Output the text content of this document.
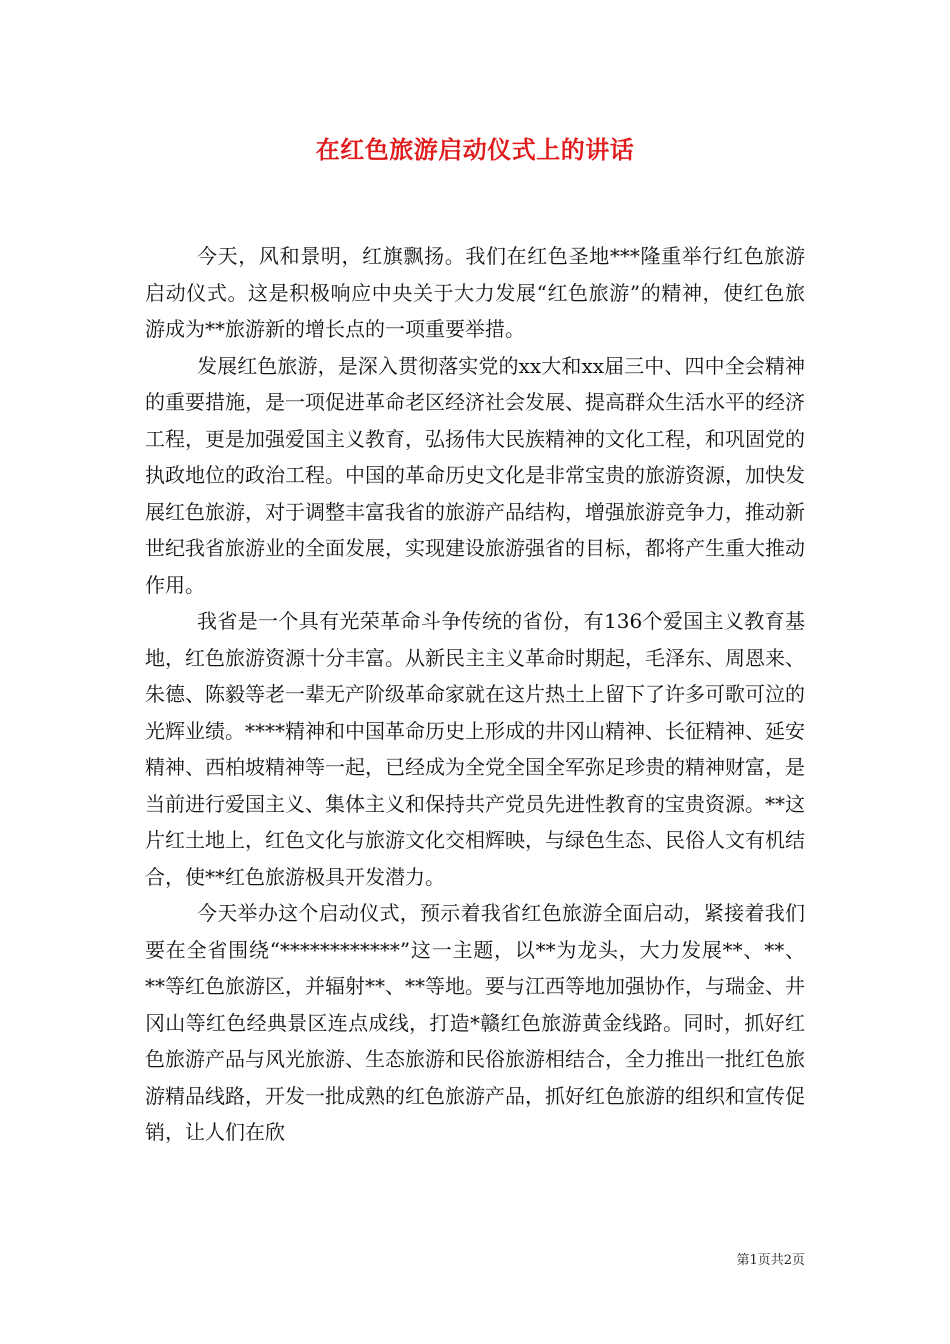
在红色旅游启动仪式上的讲话

今天，风和景明，红旗飘扬。我们在红色圣地***隆重举行红色旅游启动仪式。这是积极响应中央关于大力发展“红色旅游”的精神，使红色旅游成为**旅游新的增长点的一项重要举措。

发展红色旅游，是深入贯彻落实党的xx大和xx届三中、四中全会精神的重要措施，是一项促进革命老区经济社会发展、提高群众生活水平的经济工程，更是加强爱国主义教育，弘扬伟大民族精神的文化工程，和巩固党的执政地位的政治工程。中国的革命历史文化是非常宝贵的旅游资源，加快发展红色旅游，对于调整丰富我省的旅游产品结构，增强旅游竞争力，推动新世纪我省旅游业的全面发展，实现建设旅游强省的目标，都将产生重大推动作用。

我省是一个具有光荣革命斗争传统的省份，有136个爱国主义教育基地，红色旅游资源十分丰富。从新民主主义革命时期起，毛泽东、周恩来、朱德、陈毅等老一辈无产阶级革命家就在这片热土上留下了许多可歌可泣的光辉业绩。****精神和中国革命历史上形成的井冈山精神、长征精神、延安精神、西柏坡精神等一起，已经成为全党全国全军弥足珍贵的精神财富，是当前进行爱国主义、集体主义和保持共产党员先进性教育的宝贵资源。**这片红土地上，红色文化与旅游文化交相辉映，与绿色生态、民俗人文有机结合，使**红色旅游极具开发潜力。

今天举办这个启动仪式，预示着我省红色旅游全面启动，紧接着我们要在全省围绕“************”这一主题，以**为龙头，大力发展**、**、**等红色旅游区，并辐射**、**等地。要与江西等地加强协作，与瑞金、井冈山等红色经典景区连点成线，打造*赣红色旅游黄金线路。同时，抓好红色旅游产品与风光旅游、生态旅游和民俗旅游相结合，全力推出一批红色旅游精品线路，开发一批成熟的红色旅游产品，抓好红色旅游的组织和宣传促销，让人们在欣

第1页共2页
